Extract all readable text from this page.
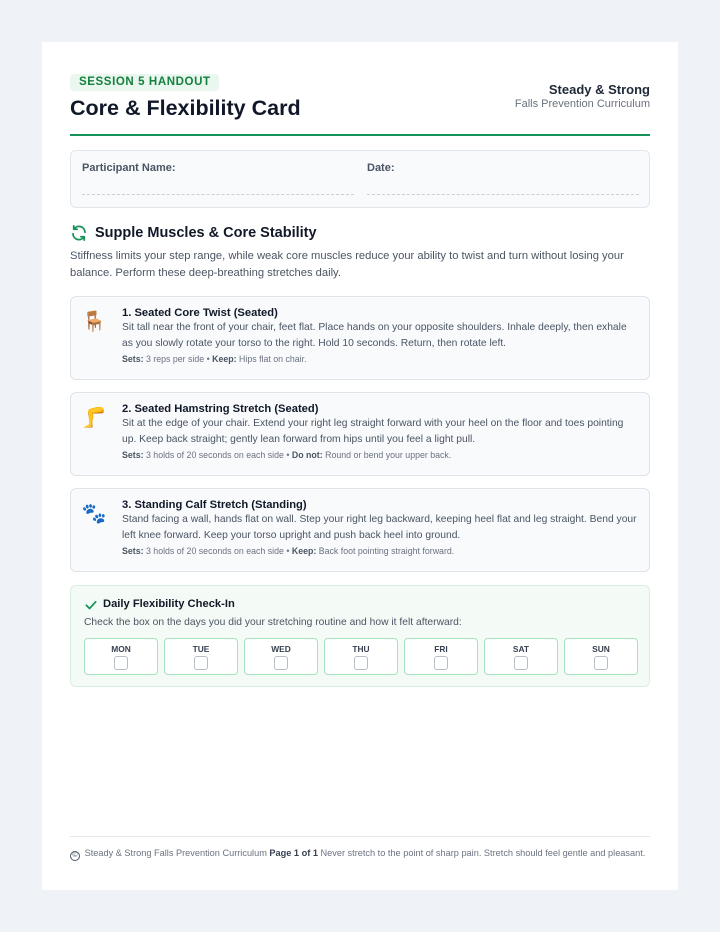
SESSION 5 HANDOUT
Core & Flexibility Card
Steady & Strong
Falls Prevention Curriculum
Participant Name:	Date:
Supple Muscles & Core Stability
Stiffness limits your step range, while weak core muscles reduce your ability to twist and turn without losing your balance. Perform these deep-breathing stretches daily.
🪑 1. Seated Core Twist (Seated)
Sit tall near the front of your chair, feet flat. Place hands on your opposite shoulders. Inhale deeply, then exhale as you slowly rotate your torso to the right. Hold 10 seconds. Return, then rotate left.
Sets: 3 reps per side • Keep: Hips flat on chair.
🦵 2. Seated Hamstring Stretch (Seated)
Sit at the edge of your chair. Extend your right leg straight forward with your heel on the floor and toes pointing up. Keep back straight; gently lean forward from hips until you feel a light pull.
Sets: 3 holds of 20 seconds on each side • Do not: Round or bend your upper back.
🐾 3. Standing Calf Stretch (Standing)
Stand facing a wall, hands flat on wall. Step your right leg backward, keeping heel flat and leg straight. Bend your left knee forward. Keep your torso upright and push back heel into ground.
Sets: 3 holds of 20 seconds on each side • Keep: Back foot pointing straight forward.
Daily Flexibility Check-In
Check the box on the days you did your stretching routine and how it felt afterward:
MON	TUE	WED	THU	FRI	SAT	SUN
© Steady & Strong Falls Prevention Curriculum Page 1 of 1 Never stretch to the point of sharp pain. Stretch should feel gentle and pleasant.
